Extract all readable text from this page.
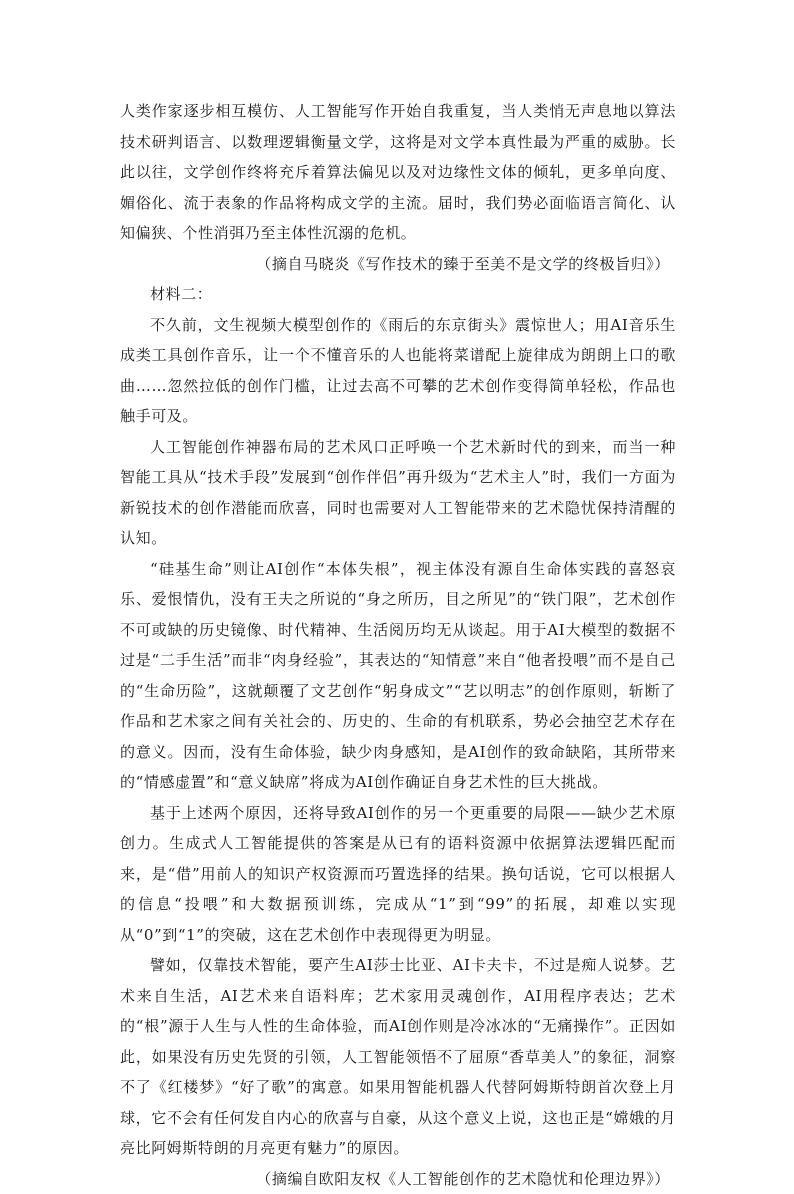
人类作家逐步相互模仿、人工智能写作开始自我重复，当人类悄无声息地以算法技术研判语言、以数理逻辑衡量文学，这将是对文学本真性最为严重的威胁。长此以往，文学创作终将充斥着算法偏见以及对边缘性文体的倾轧，更多单向度、媚俗化、流于表象的作品将构成文学的主流。届时，我们势必面临语言简化、认知偏狭、个性消弭乃至主体性沉溺的危机。

（摘自马晓炎《写作技术的臻于至美不是文学的终极旨归》）

材料二：

不久前，文生视频大模型创作的《雨后的东京街头》震惊世人；用AI音乐生成类工具创作音乐，让一个不懂音乐的人也能将菜谱配上旋律成为朗朗上口的歌曲……忽然拉低的创作门槛，让过去高不可攀的艺术创作变得简单轻松，作品也触手可及。

人工智能创作神器布局的艺术风口正呼唤一个艺术新时代的到来，而当一种智能工具从“技术手段”发展到“创作伴侣”再升级为“艺术主人”时，我们一方面为新锐技术的创作潜能而欣喜，同时也需要对人工智能带来的艺术隐忧保持清醒的认知。

“硅基生命”则让AI创作“本体失根”，视主体没有源自生命体实践的喜怒哀乐、爱恨情仇，没有王夫之所说的“身之所历，目之所见”的“铁门限”，艺术创作不可或缺的历史镜像、时代精神、生活阅历均无从谈起。用于AI大模型的数据不过是“二手生活”而非“肉身经验”，其表达的“知情意”来自“他者投喂”而不是自己的“生命历险”，这就颠覆了文艺创作“躬身成文”“艺以明志”的创作原则，斩断了作品和艺术家之间有关社会的、历史的、生命的有机联系，势必会抽空艺术存在的意义。因而，没有生命体验，缺少肉身感知，是AI创作的致命缺陷，其所带来的“情感虚置”和“意义缺席”将成为AI创作确证自身艺术性的巨大挑战。

基于上述两个原因，还将导致AI创作的另一个更重要的局限——缺少艺术原创力。生成式人工智能提供的答案是从已有的语料资源中依据算法逻辑匹配而来，是“借”用前人的知识产权资源而巧置选择的结果。换句话说，它可以根据人的信息“投喂”和大数据预训练，完成从“1”到“99”的拓展，却难以实现从“0”到“1”的突破，这在艺术创作中表现得更为明显。

譬如，仅靠技术智能，要产生AI莎士比亚、AI卡夫卡，不过是痴人说梦。艺术来自生活，AI艺术来自语料库；艺术家用灵魂创作，AI用程序表达；艺术的“根”源于人生与人性的生命体验，而AI创作则是冷冰冰的“无痛操作”。正因如此，如果没有历史先贤的引领，人工智能领悟不了屈原“香草美人”的象征，洞察不了《红楼梦》“好了歌”的寓意。如果用智能机器人代替阿姆斯特朗首次登上月球，它不会有任何发自内心的欣喜与自豪，从这个意义上说，这也正是“嫦娥的月亮比阿姆斯特朗的月亮更有魅力”的原因。

（摘编自欧阳友权《人工智能创作的艺术隐忧和伦理边界》）
